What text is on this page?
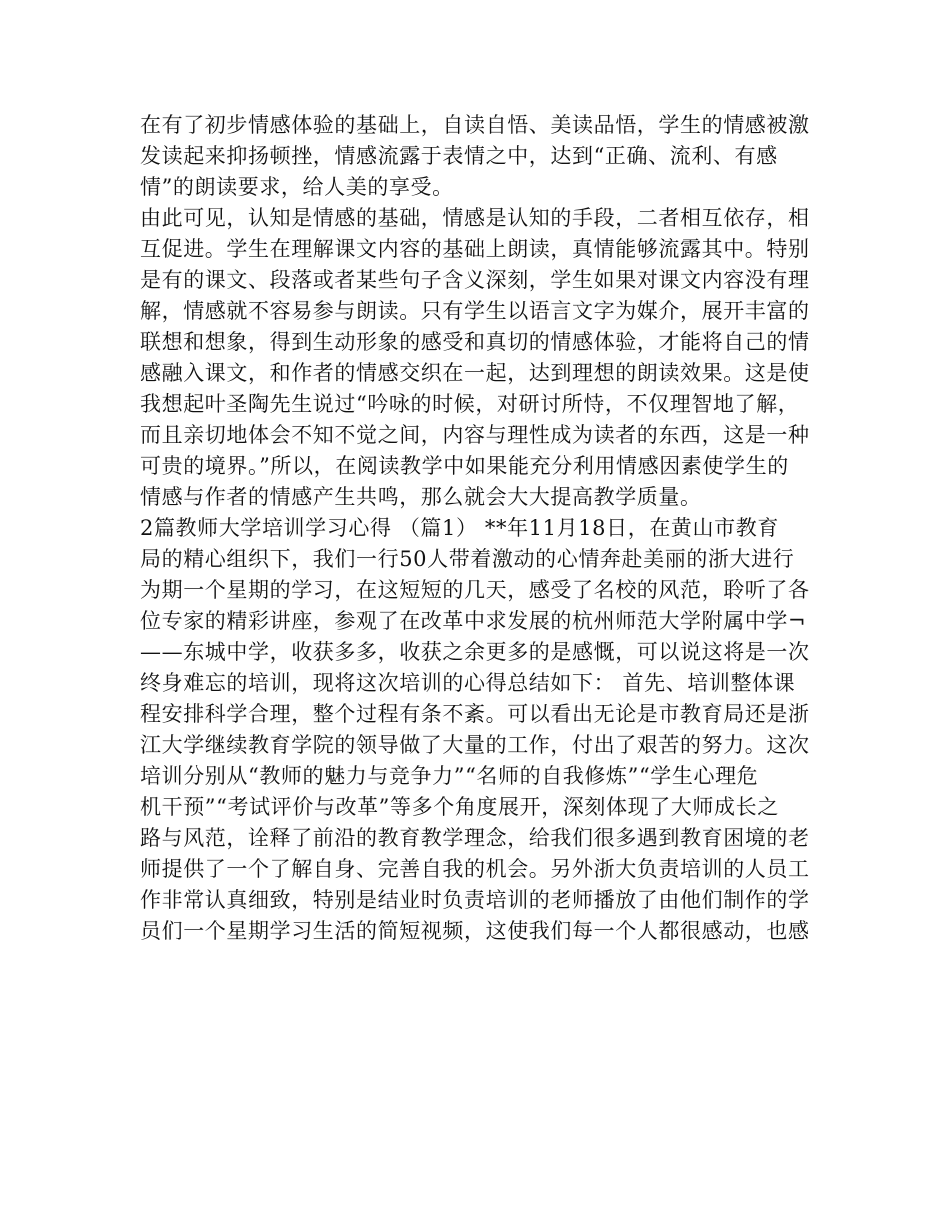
在有了初步情感体验的基础上，自读自悟、美读品悟，学生的情感被激
发读起来抑扬顿挫，情感流露于表情之中，达到“正确、流利、有感
情”的朗读要求，给人美的享受。
由此可见，认知是情感的基础，情感是认知的手段，二者相互依存，相
互促进。学生在理解课文内容的基础上朗读，真情能够流露其中。特别
是有的课文、段落或者某些句子含义深刻，学生如果对课文内容没有理
解，情感就不容易参与朗读。只有学生以语言文字为媒介，展开丰富的
联想和想象，得到生动形象的感受和真切的情感体验，才能将自己的情
感融入课文，和作者的情感交织在一起，达到理想的朗读效果。这是使
我想起叶圣陶先生说过“吟咏的时候，对研讨所恃，不仅理智地了解，
而且亲切地体会不知不觉之间，内容与理性成为读者的东西，这是一种
可贵的境界。”所以，在阅读教学中如果能充分利用情感因素使学生的
情感与作者的情感产生共鸣，那么就会大大提高教学质量。
2篇教师大学培训学习心得 （篇1） **年11月18日，在黄山市教育
局的精心组织下，我们一行50人带着激动的心情奔赴美丽的浙大进行
为期一个星期的学习，在这短短的几天，感受了名校的风范，聆听了各
位专家的精彩讲座，参观了在改革中求发展的杭州师范大学附属中学¬
——东城中学，收获多多，收获之余更多的是感慨，可以说这将是一次
终身难忘的培训，现将这次培训的心得总结如下： 首先、培训整体课
程安排科学合理，整个过程有条不紊。可以看出无论是市教育局还是浙
江大学继续教育学院的领导做了大量的工作，付出了艰苦的努力。这次
培训分别从“教师的魅力与竞争力”“名师的自我修炼”“学生心理危
机干预”“考试评价与改革”等多个角度展开，深刻体现了大师成长之
路与风范，诠释了前沿的教育教学理念，给我们很多遇到教育困境的老
师提供了一个了解自身、完善自我的机会。另外浙大负责培训的人员工
作非常认真细致，特别是结业时负责培训的老师播放了由他们制作的学
员们一个星期学习生活的简短视频，这使我们每一个人都很感动，也感
